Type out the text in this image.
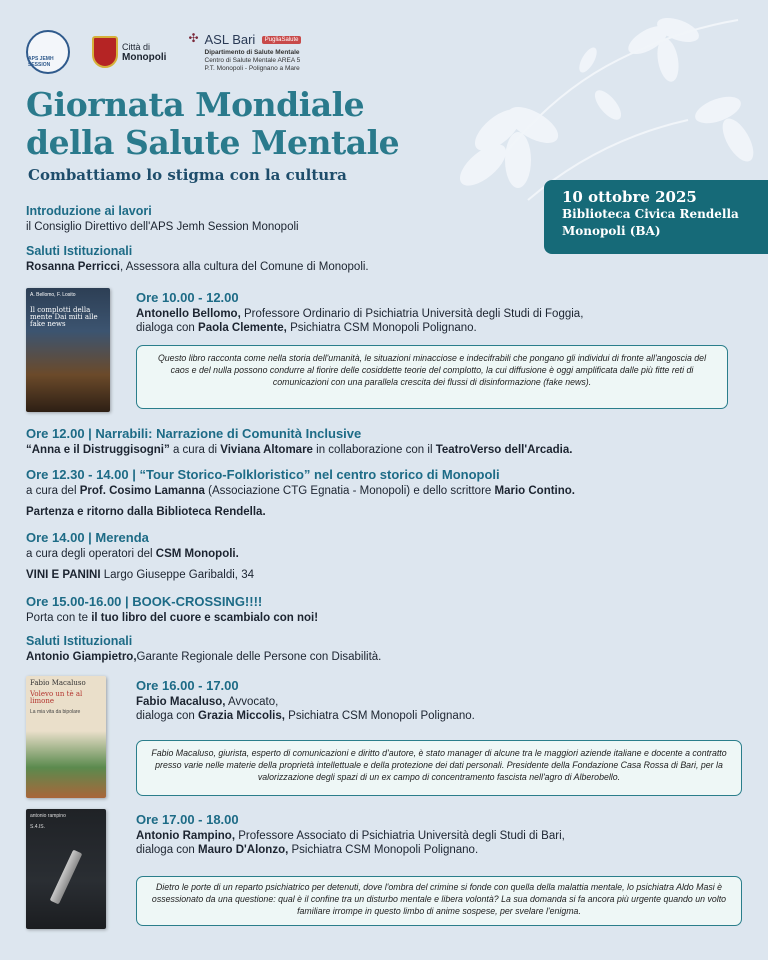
APS JEMH SESSION
Città di
Monopoli
✣ ASL Bari PugliaSalute
Dipartimento di Salute Mentale
Centro di Salute Mentale AREA 5
P.T. Monopoli - Polignano a Mare
Giornata Mondiale
della Salute Mentale
Combattiamo lo stigma con la cultura
10 ottobre 2025
Biblioteca Civica Rendella
Monopoli (BA)
Introduzione ai lavori
il Consiglio Direttivo dell'APS Jemh Session Monopoli
Saluti Istituzionali
Rosanna Perricci, Assessora alla cultura del Comune di Monopoli.
A. Bellomo, F. Losito
Il complotti della mente Dai miti alle fake news
Ore 10.00 - 12.00
Antonello Bellomo, Professore Ordinario di Psichiatria Università degli Studi di Foggia,
dialoga con Paola Clemente, Psichiatra CSM Monopoli Polignano.
Questo libro racconta come nella storia dell'umanità, le situazioni minacciose e indecifrabili che pongano gli individui di fronte all'angoscia del caos e del nulla possono condurre al fiorire delle cosiddette teorie del complotto, la cui diffusione è oggi amplificata dalle più fitte reti di comunicazioni con una parallela crescita dei flussi di disinformazione (fake news).
Ore 12.00 | Narrabili: Narrazione di Comunità Inclusive
“Anna e il Distruggisogni” a cura di Viviana Altomare in collaborazione con il TeatroVerso dell'Arcadia.
Ore 12.30 - 14.00 | “Tour Storico-Folkloristico” nel centro storico di Monopoli
a cura del Prof. Cosimo Lamanna (Associazione CTG Egnatia - Monopoli) e dello scrittore Mario Contino.
Partenza e ritorno dalla Biblioteca Rendella.
Ore 14.00 | Merenda
a cura degli operatori del CSM Monopoli.
VINI E PANINI Largo Giuseppe Garibaldi, 34
Ore 15.00-16.00 | BOOK-CROSSING!!!!
Porta con te il tuo libro del cuore e scambialo con noi!
Saluti Istituzionali
Antonio Giampietro,Garante Regionale delle Persone con Disabilità.
Fabio Macaluso
Volevo un tè al limone
La mia vita da bipolare
Ore 16.00 - 17.00
Fabio Macaluso, Avvocato,
dialoga con Grazia Miccolis, Psichiatra CSM Monopoli Polignano.
Fabio Macaluso, giurista, esperto di comunicazioni e diritto d'autore, è stato manager di alcune tra le maggiori aziende italiane e docente a contratto presso varie nelle materie della proprietà intellettuale e della protezione dei dati personali. Presidente della Fondazione Casa Rossa di Bari, per la valorizzazione degli spazi di un ex campo di concentramento fascista nell'agro di Alberobello.
antonio rampino
S.4.IS.	Ore 17.00 - 18.00
Antonio Rampino, Professore Associato di Psichiatria Università degli Studi di Bari,
dialoga con Mauro D'Alonzo, Psichiatra CSM Monopoli Polignano.
Dietro le porte di un reparto psichiatrico per detenuti, dove l'ombra del crimine si fonde con quella della malattia mentale, lo psichiatra Aldo Masi è ossessionato da una questione: qual è il confine tra un disturbo mentale e libera volontà? La sua domanda si fa ancora più urgente quando un volto familiare irrompe in questo limbo di anime sospese, per svelare l'enigma.
